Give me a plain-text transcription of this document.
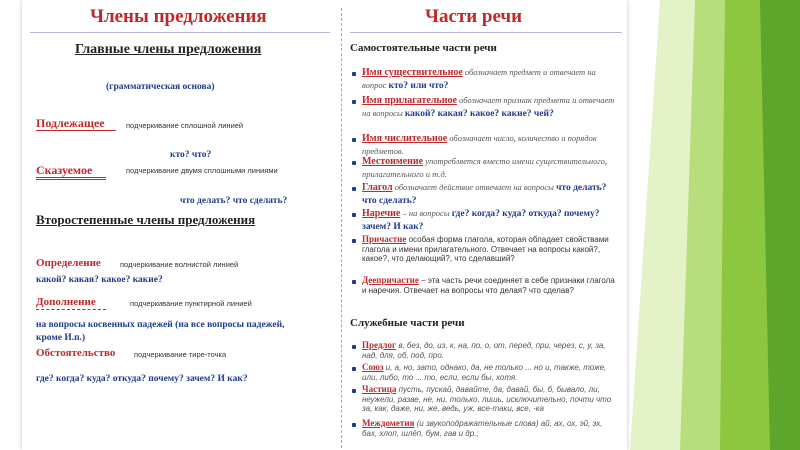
Члены предложения
Главные члены предложения
(грамматическая основа)
Подлежащее	подчеркивание сплошной линией
кто? что?
Сказуемое	подчеркивание двумя сплошными линиями
что делать? что сделать?
Второстепенные члены предложения
Определение	подчеркивание волнистой линией
какой? какая? какое? какие?
Дополнение	подчеркивание пунктирной линией
на вопросы косвенных падежей (на все вопросы падежей,
кроме И.п.)
Обстоятельство подчеркивание тире-точка
где? когда? куда? откуда? почему? зачем? И как?
Части речи
Самостоятельные части речи
Имя существительное обозначает предмет и отвечает на вопрос кто? или что?
Имя прилагательное обозначает признак предмета и отвечает на вопросы какой? какая? какое? какие? чей?
Имя числительное обозначает число, количество и порядок предметов.
Местоимение употребляется вместо имени существительного, прилагательного и т.д.
Глагол обозначает действие отвечает на вопросы что делать? что сделать?
Наречие – на вопросы где? когда? куда? откуда? почему? зачем? И как?
Причастие особая форма глагола, которая обладает свойствами глагола и имени прилагательного. Отвечает на вопросы какой?, какое?, что делающий?, что сделавший?
Деепричастие – эта часть речи соединяет в себе признаки глагола и наречия. Отвечает на вопросы что делая? что сделав?
Служебные части речи
Предлог в, без, до, из, к, на, по, о, от, перед, при, через, с, у, за, над, для, об, под, про.
Союз и, а, но, зато, однако, да, не только ... но и, также, тоже, или, либо, то ... то, если, если бы, хотя.
Частица пусть, пускай, давайте, да, давай, бы, б, бывало, ли, неужели, разве, не, ни, только, лишь, исключительно, почти что за, как, даже, ни, же, ведь, уж, все-таки, все, -ка
Междометия (и звукоподражательные слова) ай, ах, ох, эй, эх, бах, хлоп, шлёп, бум, гав и др.;
